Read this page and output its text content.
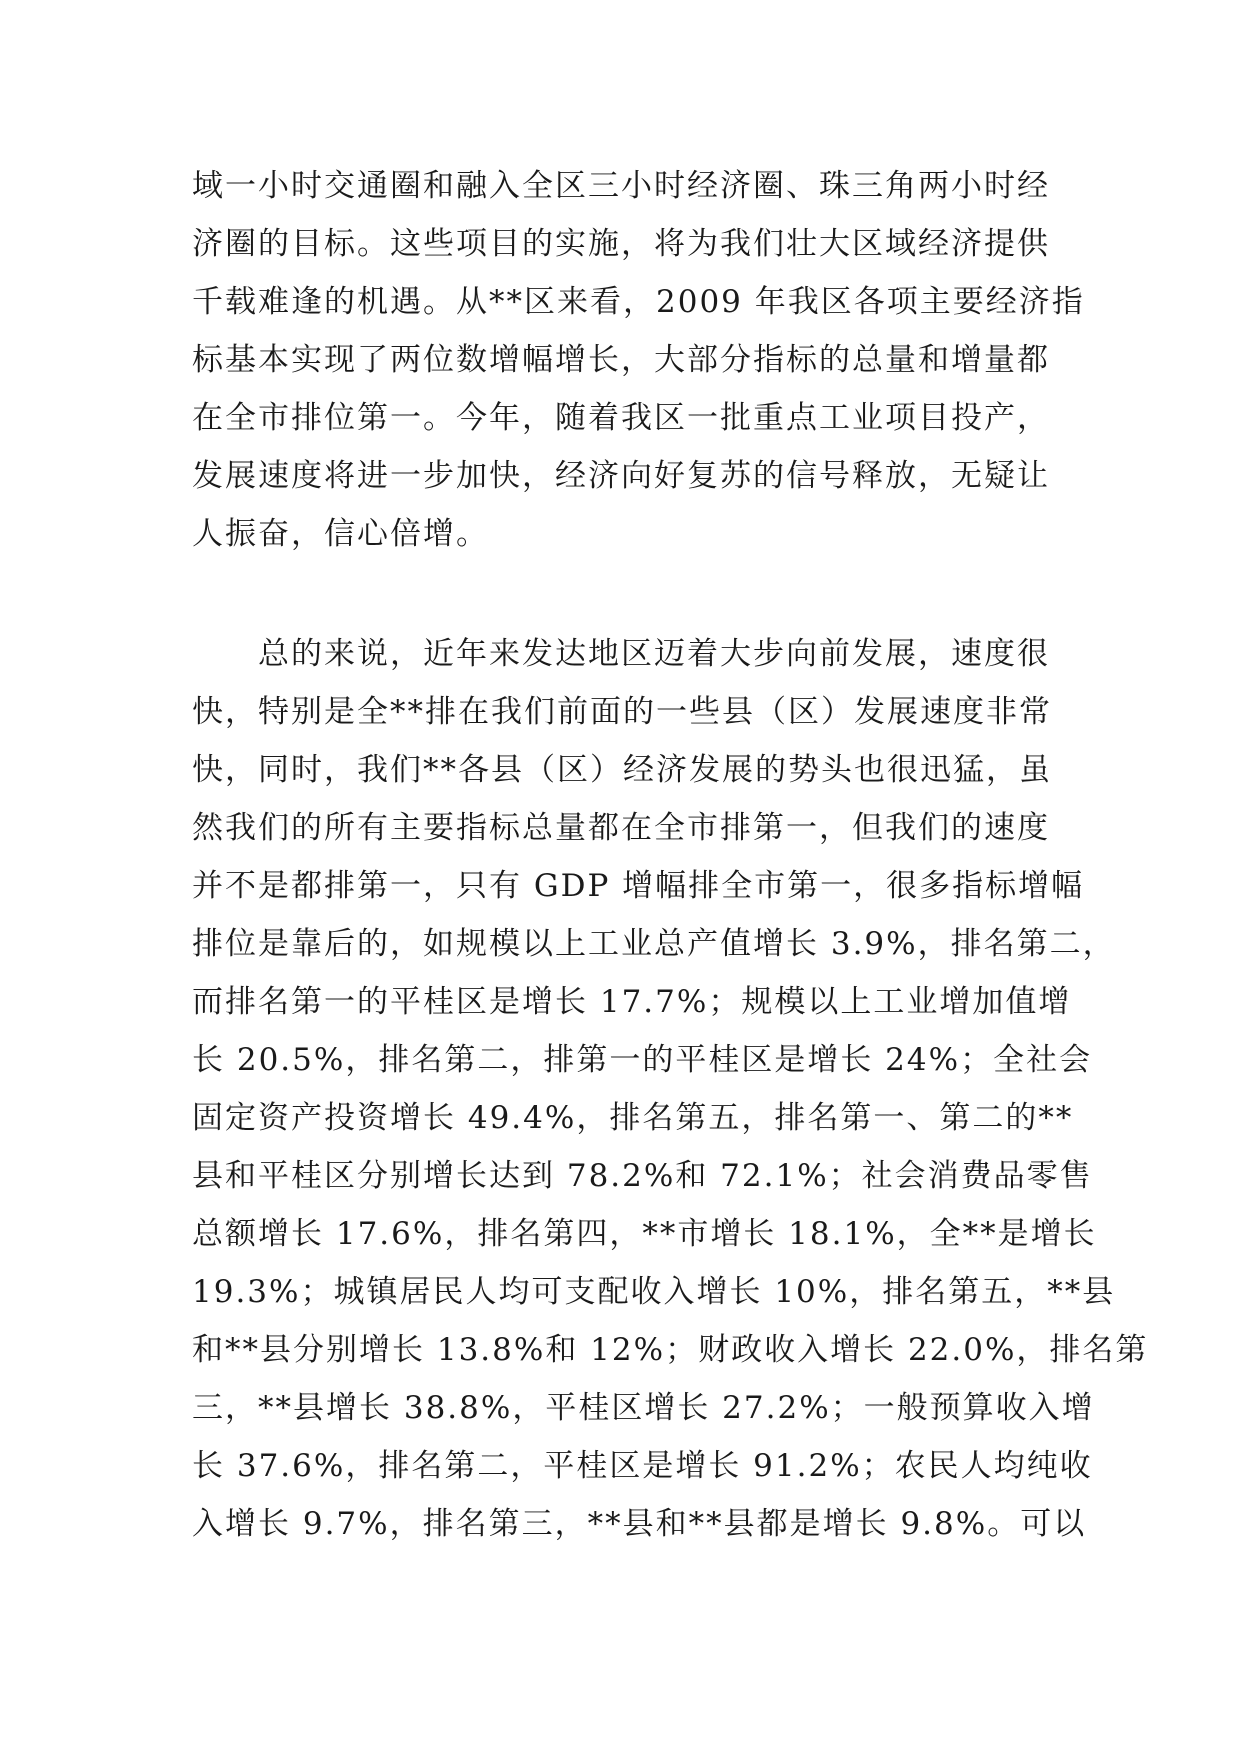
域一小时交通圈和融入全区三小时经济圈、珠三角两小时经
济圈的目标。这些项目的实施，将为我们壮大区域经济提供
千载难逢的机遇。从**区来看，2009 年我区各项主要经济指
标基本实现了两位数增幅增长，大部分指标的总量和增量都
在全市排位第一。今年，随着我区一批重点工业项目投产，
发展速度将进一步加快，经济向好复苏的信号释放，无疑让
人振奋，信心倍增。
　　总的来说，近年来发达地区迈着大步向前发展，速度很
快，特别是全**排在我们前面的一些县（区）发展速度非常
快，同时，我们**各县（区）经济发展的势头也很迅猛，虽
然我们的所有主要指标总量都在全市排第一，但我们的速度
并不是都排第一，只有 GDP 增幅排全市第一，很多指标增幅
排位是靠后的，如规模以上工业总产值增长 3.9%，排名第二，
而排名第一的平桂区是增长 17.7%；规模以上工业增加值增
长 20.5%，排名第二，排第一的平桂区是增长 24%；全社会
固定资产投资增长 49.4%，排名第五，排名第一、第二的**
县和平桂区分别增长达到 78.2%和 72.1%；社会消费品零售
总额增长 17.6%，排名第四，**市增长 18.1%，全**是增长
19.3%；城镇居民人均可支配收入增长 10%，排名第五，**县
和**县分别增长 13.8%和 12%；财政收入增长 22.0%，排名第
三，**县增长 38.8%，平桂区增长 27.2%；一般预算收入增
长 37.6%，排名第二，平桂区是增长 91.2%；农民人均纯收
入增长 9.7%，排名第三，**县和**县都是增长 9.8%。可以
